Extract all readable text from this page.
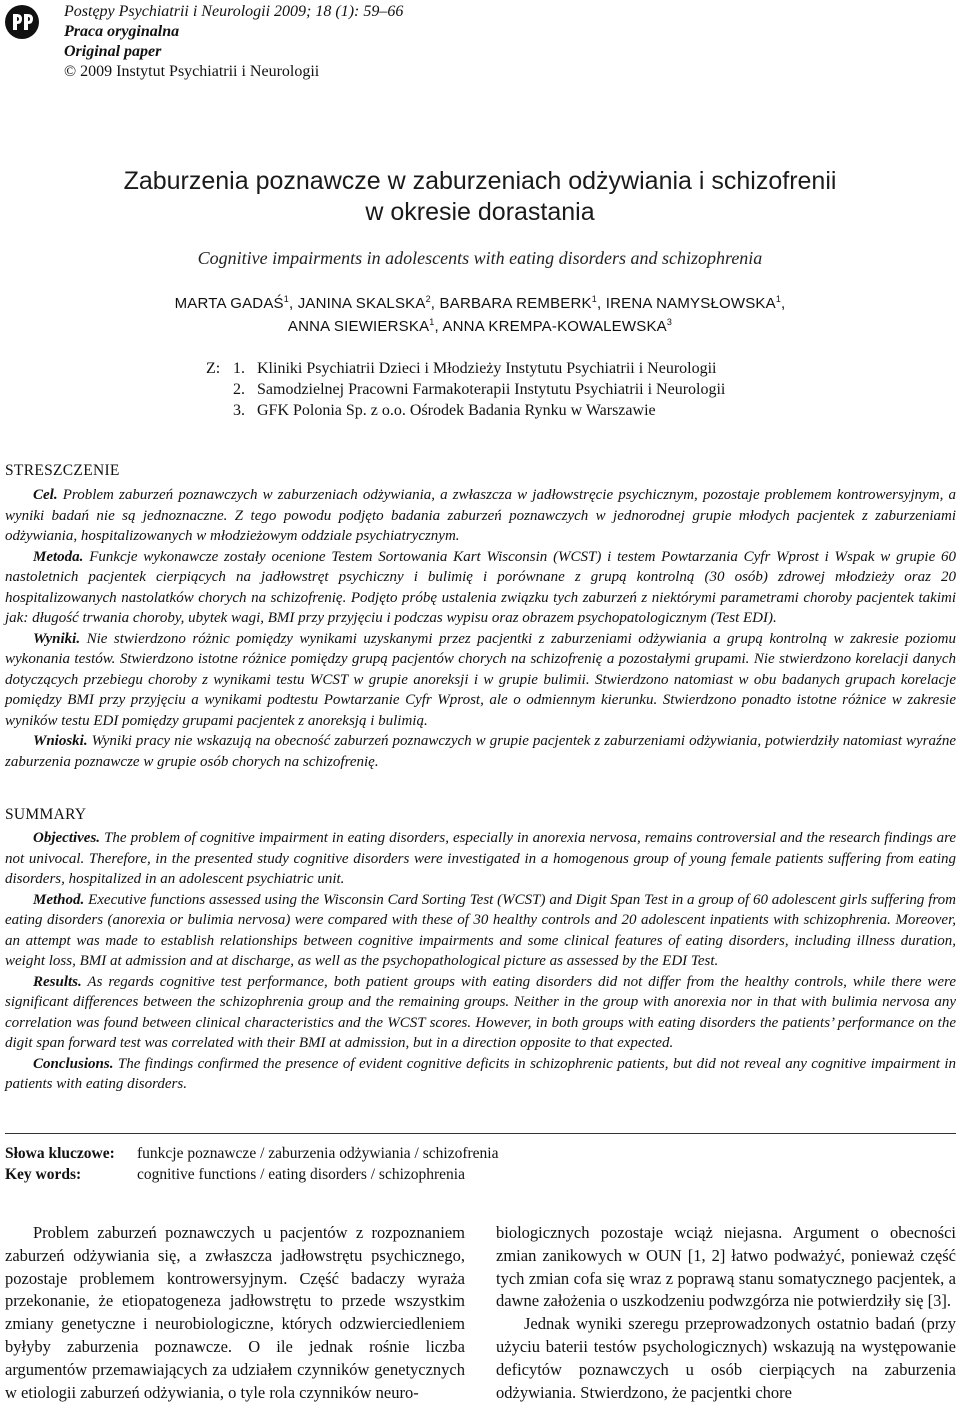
Postępy Psychiatrii i Neurologii 2009; 18 (1): 59–66
Praca oryginalna
Original paper
© 2009 Instytut Psychiatrii i Neurologii
Zaburzenia poznawcze w zaburzeniach odżywiania i schizofrenii
w okresie dorastania
Cognitive impairments in adolescents with eating disorders and schizophrenia
MARTA GADAŚ$^1$, JANINA SKALSKA$^2$, BARBARA REMBERK$^1$, IRENA NAMYSŁOWSKA$^1$,
ANNA SIEWIERSKA$^1$, ANNA KREMPA-KOWALEWSKA$^3$
Z: 1.
Kliniki Psychiatrii Dzieci i Młodzieży Instytutu Psychiatrii i Neurologii
2.
Samodzielnej Pracowni Farmakoterapii Instytutu Psychiatrii i Neurologii
3.
GFK Polonia Sp. z o.o. Ośrodek Badania Rynku w Warszawie
STRESZCZENIE

Cel. Problem zaburzeń poznawczych w zaburzeniach odżywiania, a zwłaszcza w jadłowstręcie psychicznym, pozostaje problemem kontrowersyjnym, a wyniki badań nie są jednoznaczne. Z tego powodu podjęto badania zaburzeń poznawczych w jednorodnej grupie młodych pacjentek z zaburzeniami odżywiania, hospitalizowanych w młodzieżowym oddziale psychiatrycznym.

Metoda. Funkcje wykonawcze zostały ocenione Testem Sortowania Kart Wisconsin (WCST) i testem Powtarzania Cyfr Wprost i Wspak w grupie 60 nastoletnich pacjentek cierpiących na jadłowstręt psychiczny i bulimię i porównane z grupą kontrolną (30 osób) zdrowej młodzieży oraz 20 hospitalizowanych nastolatków chorych na schizofrenię. Podjęto próbę ustalenia związku tych zaburzeń z niektórymi parametrami choroby pacjentek takimi jak: długość trwania choroby, ubytek wagi, BMI przy przyjęciu i podczas wypisu oraz obrazem psychopatologicznym (Test EDI).

Wyniki. Nie stwierdzono różnic pomiędzy wynikami uzyskanymi przez pacjentki z zaburzeniami odżywiania a grupą kontrolną w zakresie poziomu wykonania testów. Stwierdzono istotne różnice pomiędzy grupą pacjentów chorych na schizofrenię a pozostałymi grupami. Nie stwierdzono korelacji danych dotyczących przebiegu choroby z wynikami testu WCST w grupie anoreksji i w grupie bulimii. Stwierdzono natomiast w obu badanych grupach korelacje pomiędzy BMI przy przyjęciu a wynikami podtestu Powtarzanie Cyfr Wprost, ale o odmiennym kierunku. Stwierdzono ponadto istotne różnice w zakresie wyników testu EDI pomiędzy grupami pacjentek z anoreksją i bulimią.

Wnioski. Wyniki pracy nie wskazują na obecność zaburzeń poznawczych w grupie pacjentek z zaburzeniami odżywiania, potwierdziły natomiast wyraźne zaburzenia poznawcze w grupie osób chorych na schizofrenię.

SUMMARY

Objectives. The problem of cognitive impairment in eating disorders, especially in anorexia nervosa, remains controversial and the research findings are not univocal. Therefore, in the presented study cognitive disorders were investigated in a homogenous group of young female patients suffering from eating disorders, hospitalized in an adolescent psychiatric unit.

Method. Executive functions assessed using the Wisconsin Card Sorting Test (WCST) and Digit Span Test in a group of 60 adolescent girls suffering from eating disorders (anorexia or bulimia nervosa) were compared with these of 30 healthy controls and 20 adolescent inpatients with schizophrenia. Moreover, an attempt was made to establish relationships between cognitive impairments and some clinical features of eating disorders, including illness duration, weight loss, BMI at admission and at discharge, as well as the psychopathological picture as assessed by the EDI Test.

Results. As regards cognitive test performance, both patient groups with eating disorders did not differ from the healthy controls, while there were significant differences between the schizophrenia group and the remaining groups. Neither in the group with anorexia nor in that with bulimia nervosa any correlation was found between clinical characteristics and the WCST scores. However, in both groups with eating disorders the patients’ performance on the digit span forward test was correlated with their BMI at admission, but in a direction opposite to that expected.

Conclusions. The findings confirmed the presence of evident cognitive deficits in schizophrenic patients, but did not reveal any cognitive impairment in patients with eating disorders.

Słowa kluczowe:	funkcje poznawcze / zaburzenia odżywiania / schizofrenia
Key words:	cognitive functions / eating disorders / schizophrenia

Problem zaburzeń poznawczych u pacjentów z rozpoznaniem zaburzeń odżywiania się, a zwłaszcza jadłowstrętu psychicznego, pozostaje problemem kontrowersyjnym. Część badaczy wyraża przekonanie, że etiopatogeneza jadłowstrętu to przede wszystkim zmiany genetyczne i neurobiologiczne, których odzwierciedleniem byłyby zaburzenia poznawcze. O ile jednak rośnie liczba argumentów przemawiających za udziałem czynników genetycznych w etiologii zaburzeń odżywiania, o tyle rola czynników neuro-

biologicznych pozostaje wciąż niejasna. Argument o obecności zmian zanikowych w OUN [1, 2] łatwo podważyć, ponieważ część tych zmian cofa się wraz z poprawą stanu somatycznego pacjentek, a dawne założenia o uszkodzeniu podwzgórza nie potwierdziły się [3].

Jednak wyniki szeregu przeprowadzonych ostatnio badań (przy użyciu baterii testów psychologicznych) wskazują na występowanie deficytów poznawczych u osób cierpiących na zaburzenia odżywiania. Stwierdzono, że pacjentki chore
